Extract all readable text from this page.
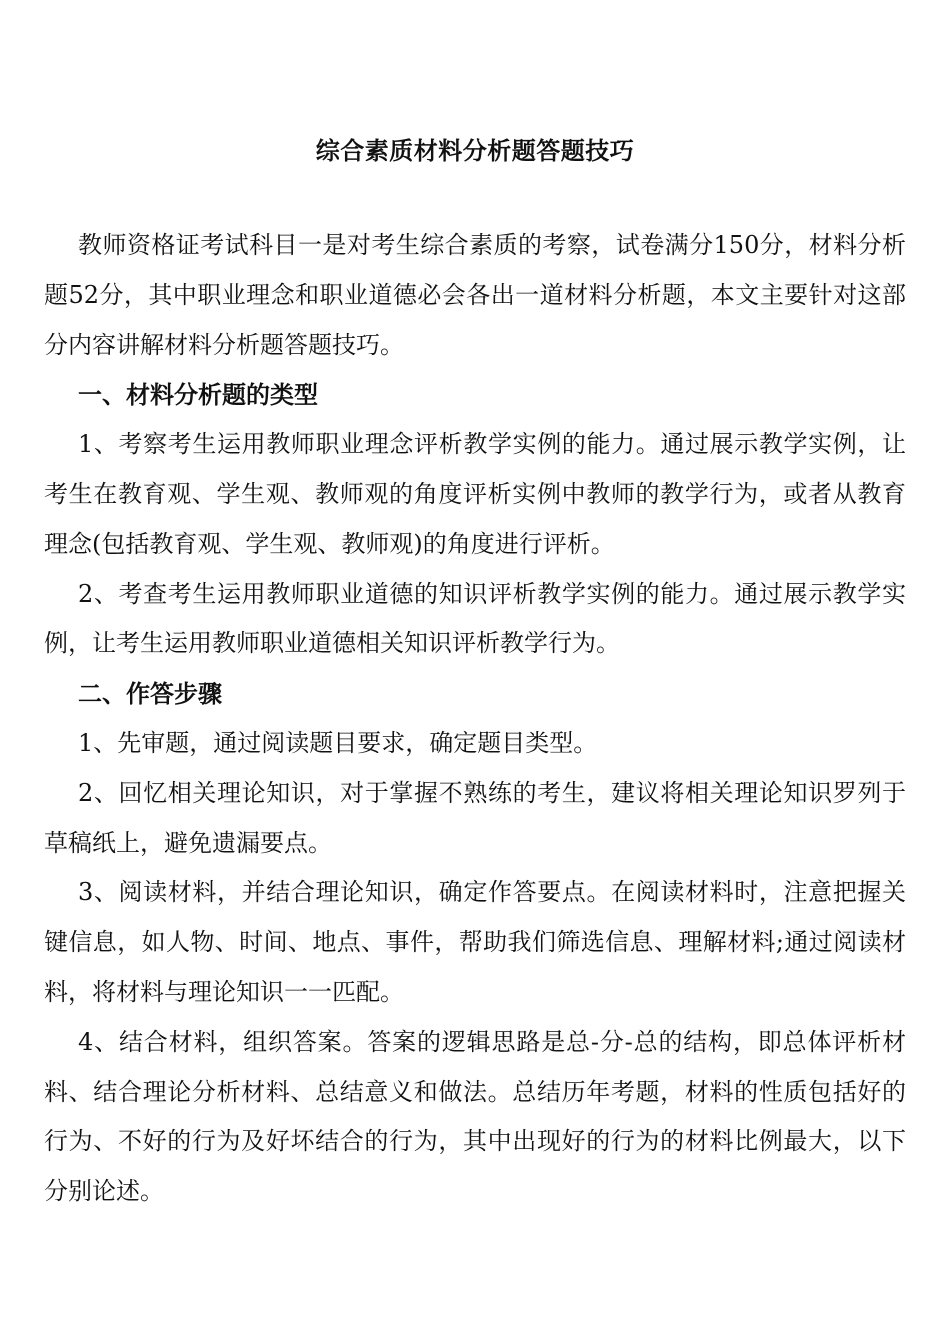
综合素质材料分析题答题技巧

教师资格证考试科目一是对考生综合素质的考察，试卷满分150分，材料分析题52分，其中职业理念和职业道德必会各出一道材料分析题，本文主要针对这部分内容讲解材料分析题答题技巧。

一、材料分析题的类型

1、考察考生运用教师职业理念评析教学实例的能力。通过展示教学实例，让考生在教育观、学生观、教师观的角度评析实例中教师的教学行为，或者从教育理念(包括教育观、学生观、教师观)的角度进行评析。

2、考查考生运用教师职业道德的知识评析教学实例的能力。通过展示教学实例，让考生运用教师职业道德相关知识评析教学行为。

二、作答步骤

1、先审题，通过阅读题目要求，确定题目类型。

2、回忆相关理论知识，对于掌握不熟练的考生，建议将相关理论知识罗列于草稿纸上，避免遗漏要点。

3、阅读材料，并结合理论知识，确定作答要点。在阅读材料时，注意把握关键信息，如人物、时间、地点、事件，帮助我们筛选信息、理解材料;通过阅读材料，将材料与理论知识一一匹配。

4、结合材料，组织答案。答案的逻辑思路是总-分-总的结构，即总体评析材料、结合理论分析材料、总结意义和做法。总结历年考题，材料的性质包括好的行为、不好的行为及好坏结合的行为，其中出现好的行为的材料比例最大，以下分别论述。
